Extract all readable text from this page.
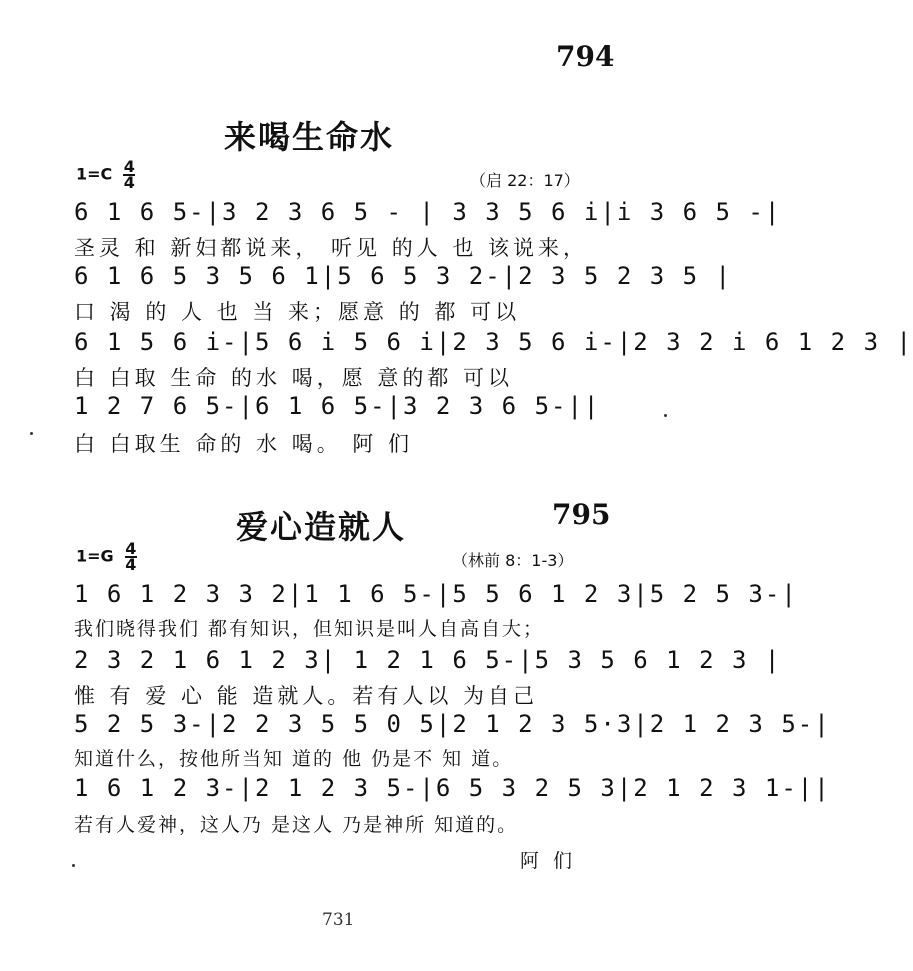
794
来喝生命水
$1=C \frac{4}{4}$	（启 22：17）
6 1 6 5-|3 2 3 6 5 - | 3 3 5 6 i|i 3 6 5 -|
圣灵 和 新妇都说来， 听见 的人 也 该说来，
6 1 6 5 3 5 6 1|5 6 5 3 2-|2 3 5 2 3 5 |
口 渴 的 人 也 当 来；愿意 的 都 可以
6 1 5 6 i-|5 6 i 5 6 i|2 3 5 6 i-|2 3 2 i 6 1 2 3 |
白 白取 生命 的水 喝，愿 意的都 可以
1 2 7 6 5-|6 1 6 5-|3 2 3 6 5-||
白 白取生 命的 水 喝。 阿 们
爱心造就人	795
$1=G \frac{4}{4}$	（林前 8：1-3）
1 6 1 2 3 3 2|1 1 6 5-|5 5 6 1 2 3|5 2 5 3-|
我们晓得我们 都有知识，但知识是叫人自高自大；
2 3 2 1 6 1 2 3| 1 2 1 6 5-|5 3 5 6 1 2 3 |
惟 有 爱 心 能 造就人。若有人以 为自己
5 2 5 3-|2 2 3 5 5 0 5|2 1 2 3 5·3|2 1 2 3 5-|
知道什么，按他所当知 道的 他 仍是不 知 道。
1 6 1 2 3-|2 1 2 3 5-|6 5 3 2 5 3|2 1 2 3 1-||
若有人爱神，这人乃 是这人 乃是神所 知道的。
阿 们
731
